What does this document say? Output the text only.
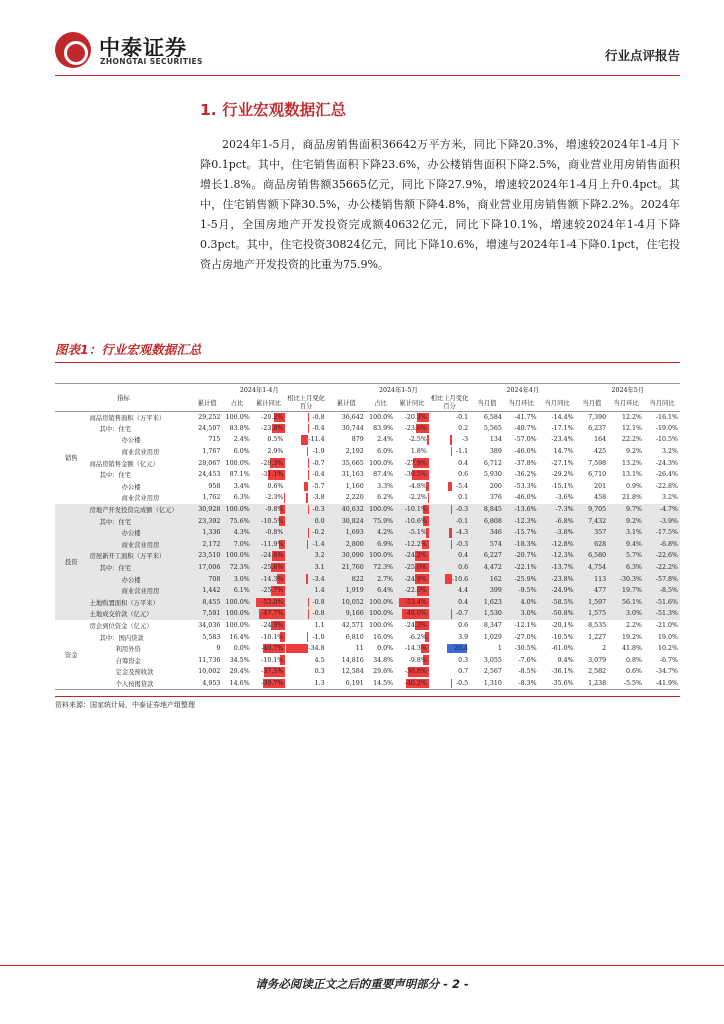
中泰证券
ZHONGTAI SECURITIES	行业点评报告
1. 行业宏观数据汇总

2024年1-5月，商品房销售面积36642万平方米，同比下降20.3%，增速较2024年1-4月下降0.1pct。其中，住宅销售面积下降23.6%，办公楼销售面积下降2.5%，商业营业用房销售面积增长1.8%。商品房销售额35665亿元，同比下降27.9%，增速较2024年1-4月上升0.4pct。其中，住宅销售额下降30.5%，办公楼销售额下降4.8%，商业营业用房销售额下降2.2%。2024年1-5月，全国房地产开发投资完成额40632亿元，同比下降10.1%，增速较2024年1-4月下降0.3pct。其中，住宅投资30824亿元，同比下降10.6%，增速与2024年1-4下降0.1pct，住宅投资占房地产开发投资的比重为75.9%。

图表1：行业宏观数据汇总
指标		2024年1-4月				2024年1-5月				2024年4月			2024年5月		
		累计值	占比	累计同比	相比上月变化百分	累计值	占比	累计同比	相比上月变化百分	当月值	当月环比	当月同比	当月值	当月环比	当月同比
销售	商品房销售面积（万平米）	29,252	100.0%	-20.2%	-0.8	36,642	100.0%	-20.3%	-0.1	6,584	-41.7%	-14.4%	7,390	12.2%	-16.1%
	其中：住宅	24,507	83.8%	-23.8%	-0.4	30,744	83.9%	-23.6%	0.2	5,565	-40.7%	-17.1%	6,237	12.1%	-19.0%
	办公楼	715	2.4%	0.5%	-11.4	879	2.4%	-2.5%	-3	134	-57.0%	-23.4%	164	22.2%	-10.5%
	商业营业用房	1,767	6.0%	2.9%	-1.9	2,192	6.0%	1.8%	-1.1	389	-46.0%	14.7%	425	9.2%	3.2%
	商品房销售金额（亿元）	28,067	100.0%	-28.3%	-0.7	35,665	100.0%	-27.9%	0.4	6,712	-37.8%	-27.1%	7,598	13.2%	-24.3%
	其中：住宅	24,453	87.1%	-31.1%	-0.4	31,163	87.4%	-30.5%	0.6	5,930	-36.2%	-29.2%	6,710	13.1%	-26.4%
	办公楼	958	3.4%	0.6%	-5.7	1,160	3.3%	-4.8%	-5.4	200	-53.3%	-15.1%	201	0.9%	-22.8%
	商业营业用房	1,762	6.3%	-2.3%	-3.8	2,220	6.2%	-2.2%	0.1	376	-46.0%	-3.6%	458	21.8%	3.2%
投资	房地产开发投资完成额（亿元）	30,928	100.0%	-9.8%	-0.3	40,632	100.0%	-10.1%	-0.3	8,845	-13.6%	-7.3%	9,705	9.7%	-4.7%
	其中：住宅	23,392	75.6%	-10.5%	0.0	30,824	75.9%	-10.6%	-0.1	6,808	-12.3%	-6.8%	7,432	9.2%	-3.9%
	办公楼	1,336	4.3%	-0.8%	-0.2	1,693	4.2%	-5.1%	-4.3	346	-15.7%	-3.8%	357	3.1%	-17.5%
	商业营业用房	2,172	7.0%	-11.9%	-1.4	2,800	6.9%	-12.2%	-0.3	574	-18.3%	-12.8%	628	9.4%	-6.8%
	房屋新开工面积（万平米）	23,510	100.0%	-24.6%	3.2	30,090	100.0%	-24.2%	0.4	6,227	-20.7%	-12.3%	6,580	5.7%	-22.6%
	其中：住宅	17,006	72.3%	-25.6%	3.1	21,760	72.3%	-25.0%	0.6	4,472	-22.1%	-13.7%	4,754	6.3%	-22.2%
	办公楼	708	3.0%	-14.3%	-3.4	822	2.7%	-24.9%	-10.6	162	-25.9%	-23.8%	113	-30.3%	-57.8%
	商业营业用房	1,442	6.1%	-25.7%	1.4	1,919	6.4%	-22.0%	4.4	399	-9.5%	-24.9%	477	19.7%	-8.5%
	土地购置面积（万平米）	8,455	100.0%	-53.0%	-0.8	10,052	100.0%	-53.4%	0.4	1,623	4.0%	-58.5%	1,597	56.1%	-51.6%
	土地成交价款（亿元）	7,591	100.0%	-47.7%	-0.8	9,166	100.0%	-48.0%	-0.7	1,530	3.0%	-50.8%	1,575	3.0%	-51.3%
资金	房企到位资金（亿元）	34,036	100.0%	-24.9%	1.1	42,571	100.0%	-24.3%	0.6	8,347	-12.1%	-20.1%	8,535	2.2%	-21.0%
	其中：国内贷款	5,583	16.4%	-10.1%	-1.0	6,810	16.0%	-6.2%	3.9	1,029	-27.0%	-10.5%	1,227	19.2%	19.0%
	利用外资	9	0.0%	-40.7%	-34.8	11	0.0%	-14.3%	26.4	1	-30.5%	-61.0%	2	41.8%	10.2%
	自筹资金	11,736	34.5%	-10.1%	4.5	14,816	34.8%	-9.8%	0.3	3,055	-7.6%	9.4%	3,079	0.8%	-6.7%
	定金及预收款	10,002	29.4%	-37.5%	0.3	12,584	29.6%	-36.8%	0.7	2,567	-8.5%	-36.1%	2,582	0.6%	-34.7%
	个人按揭贷款	4,953	14.6%	-39.7%	1.3	6,191	14.5%	-40.2%	-0.5	1,310	-8.3%	-35.6%	1,238	-5.5%	-41.9%
资料来源：国家统计局，中泰证券地产组整理
请务必阅读正文之后的重要声明部分 - 2 -
